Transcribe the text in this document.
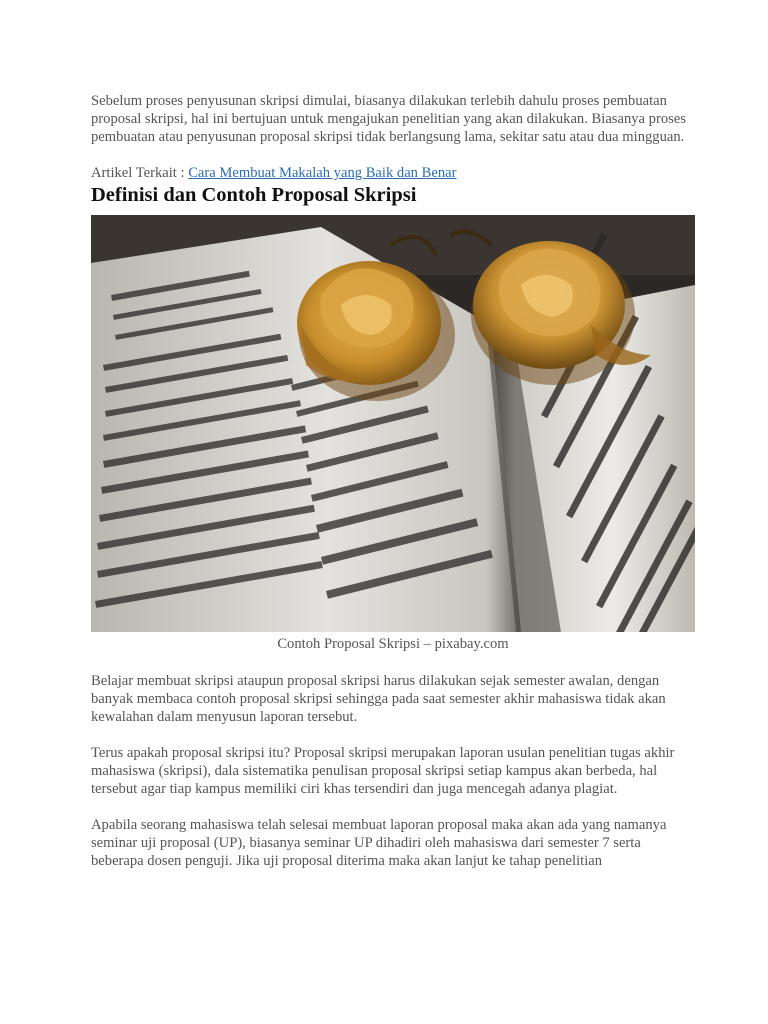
Sebelum proses penyusunan skripsi dimulai, biasanya dilakukan terlebih dahulu proses pembuatan proposal skripsi, hal ini bertujuan untuk mengajukan penelitian yang akan dilakukan. Biasanya proses pembuatan atau penyusunan proposal skripsi tidak berlangsung lama, sekitar satu atau dua mingguan.

Artikel Terkait : Cara Membuat Makalah yang Baik dan Benar

Definisi dan Contoh Proposal Skripsi

Contoh Proposal Skripsi – pixabay.com

Belajar membuat skripsi ataupun proposal skripsi harus dilakukan sejak semester awalan, dengan banyak membaca contoh proposal skripsi sehingga pada saat semester akhir mahasiswa tidak akan kewalahan dalam menyusun laporan tersebut.

Terus apakah proposal skripsi itu? Proposal skripsi merupakan laporan usulan penelitian tugas akhir mahasiswa (skripsi), dala sistematika penulisan proposal skripsi setiap kampus akan berbeda, hal tersebut agar tiap kampus memiliki ciri khas tersendiri dan juga mencegah adanya plagiat.

Apabila seorang mahasiswa telah selesai membuat laporan proposal maka akan ada yang namanya seminar uji proposal (UP), biasanya seminar UP dihadiri oleh mahasiswa dari semester 7 serta beberapa dosen penguji. Jika uji proposal diterima maka akan lanjut ke tahap penelitian
